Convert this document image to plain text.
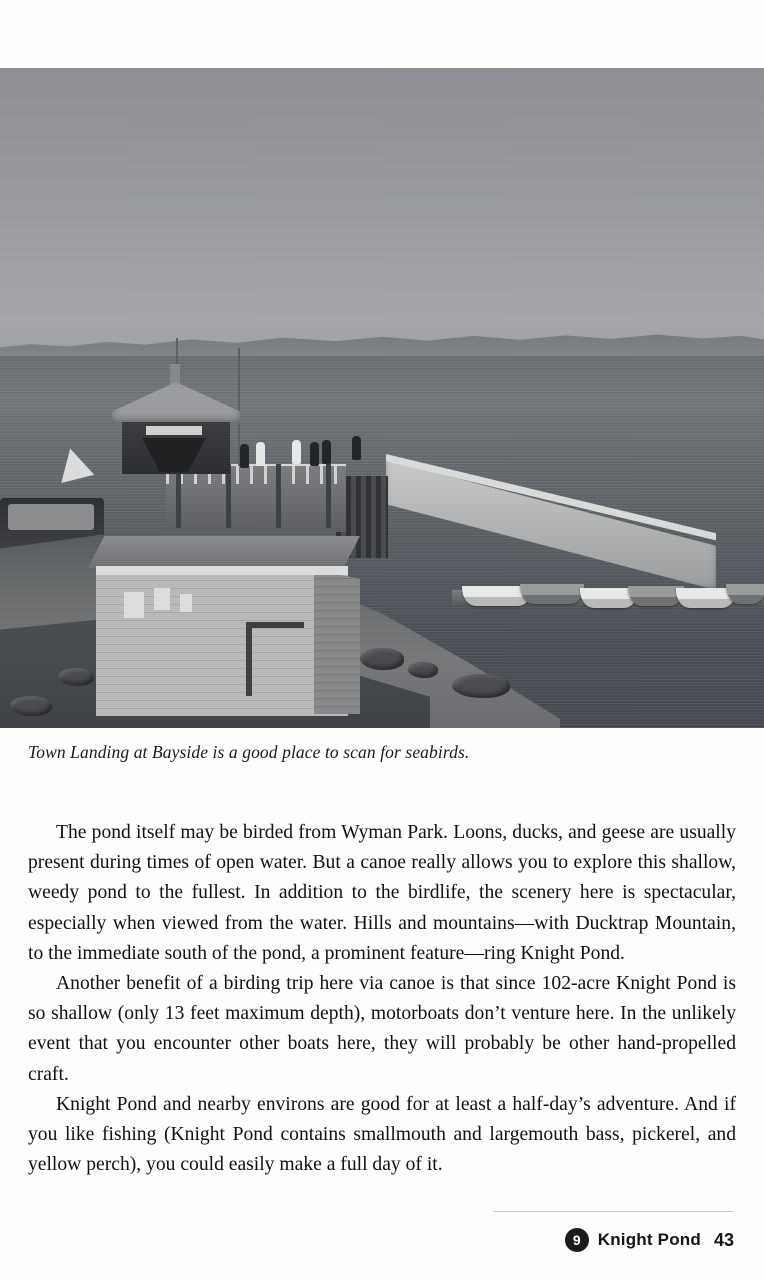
Town Landing at Bayside is a good place to scan for seabirds.

The pond itself may be birded from Wyman Park. Loons, ducks, and geese are usually present during times of open water. But a canoe really allows you to explore this shallow, weedy pond to the fullest. In addition to the birdlife, the scenery here is spectacular, especially when viewed from the water. Hills and mountains—with Ducktrap Mountain, to the immediate south of the pond, a prominent feature—ring Knight Pond.

Another benefit of a birding trip here via canoe is that since 102-acre Knight Pond is so shallow (only 13 feet maximum depth), motorboats don’t venture here. In the unlikely event that you encounter other boats here, they will probably be other hand-propelled craft.

Knight Pond and nearby environs are good for at least a half-day’s adventure. And if you like fishing (Knight Pond contains smallmouth and largemouth bass, pickerel, and yellow perch), you could easily make a full day of it.

9	Knight Pond 43
